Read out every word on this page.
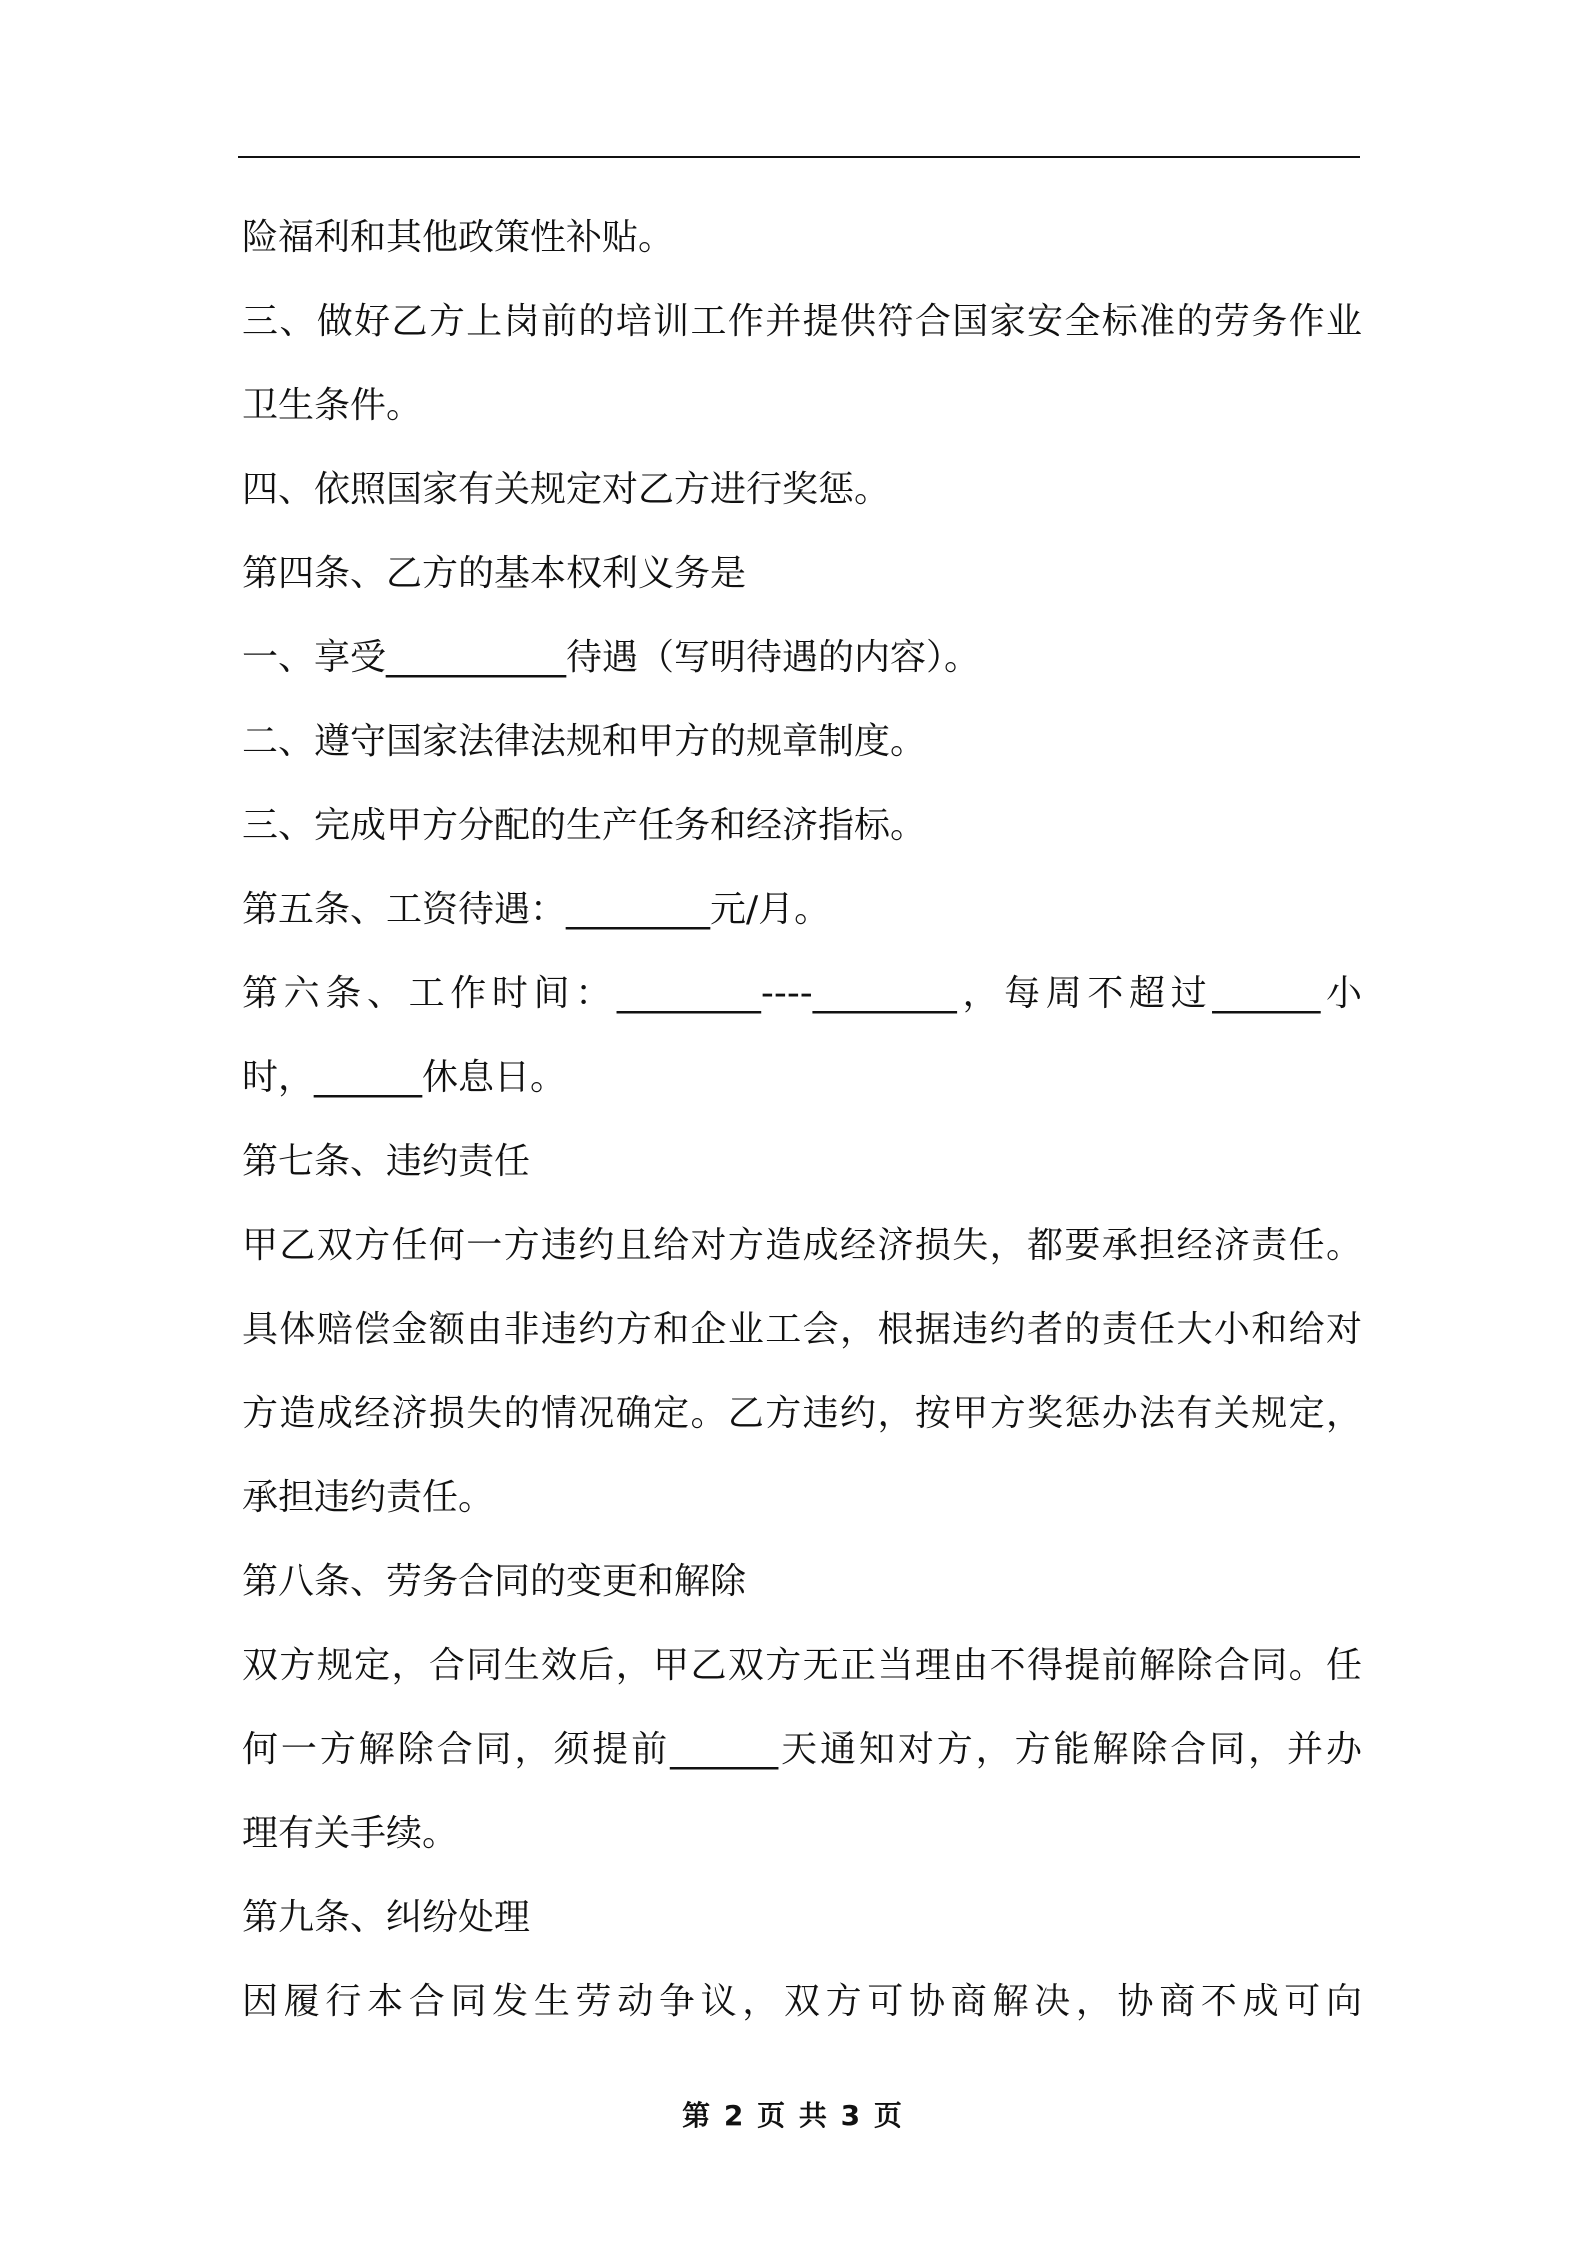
险福利和其他政策性补贴。
三、做好乙方上岗前的培训工作并提供符合国家安全标准的劳务作业
卫生条件。
四、依照国家有关规定对乙方进行奖惩。
第四条、乙方的基本权利义务是
一、享受__________待遇（写明待遇的内容）。
二、遵守国家法律法规和甲方的规章制度。
三、完成甲方分配的生产任务和经济指标。
第五条、工资待遇：________元/月。
第六条、工作时间：________----________，每周不超过______小
时，______休息日。
第七条、违约责任
甲乙双方任何一方违约且给对方造成经济损失，都要承担经济责任。
具体赔偿金额由非违约方和企业工会，根据违约者的责任大小和给对
方造成经济损失的情况确定。乙方违约，按甲方奖惩办法有关规定，
承担违约责任。
第八条、劳务合同的变更和解除
双方规定，合同生效后，甲乙双方无正当理由不得提前解除合同。任
何一方解除合同，须提前______天通知对方，方能解除合同，并办
理有关手续。
第九条、纠纷处理
因履行本合同发生劳动争议，双方可协商解决，协商不成可向
第 2 页 共 3 页
